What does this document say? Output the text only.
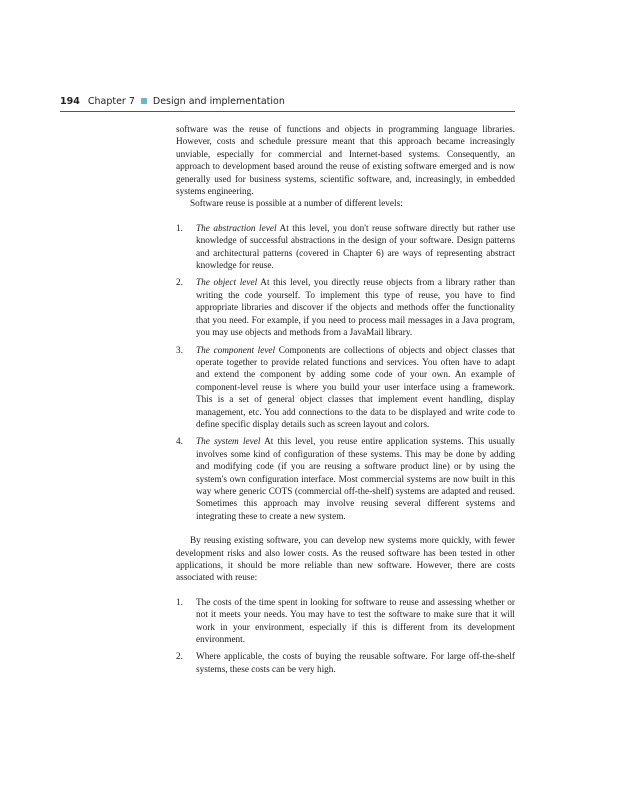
194 Chapter 7 Design and implementation

software was the reuse of functions and objects in programming language libraries. However, costs and schedule pressure meant that this approach became increasingly unviable, especially for commercial and Internet-based systems. Consequently, an approach to development based around the reuse of existing software emerged and is now generally used for business systems, scientific software, and, increasingly, in embedded systems engineering.

Software reuse is possible at a number of different levels:

1. The abstraction level At this level, you don't reuse software directly but rather use knowledge of successful abstractions in the design of your software. Design patterns and architectural patterns (covered in Chapter 6) are ways of representing abstract knowledge for reuse.
2. The object level At this level, you directly reuse objects from a library rather than writing the code yourself. To implement this type of reuse, you have to find appropriate libraries and discover if the objects and methods offer the functionality that you need. For example, if you need to process mail messages in a Java program, you may use objects and methods from a JavaMail library.
3. The component level Components are collections of objects and object classes that operate together to provide related functions and services. You often have to adapt and extend the component by adding some code of your own. An example of component-level reuse is where you build your user interface using a framework. This is a set of general object classes that implement event handling, display management, etc. You add connections to the data to be displayed and write code to define specific display details such as screen layout and colors.
4. The system level At this level, you reuse entire application systems. This usually involves some kind of configuration of these systems. This may be done by adding and modifying code (if you are reusing a software product line) or by using the system's own configuration interface. Most commercial systems are now built in this way where generic COTS (commercial off-the-shelf) systems are adapted and reused. Sometimes this approach may involve reusing several different systems and integrating these to create a new system.

By reusing existing software, you can develop new systems more quickly, with fewer development risks and also lower costs. As the reused software has been tested in other applications, it should be more reliable than new software. However, there are costs associated with reuse:

1. The costs of the time spent in looking for software to reuse and assessing whether or not it meets your needs. You may have to test the software to make sure that it will work in your environment, especially if this is different from its development environment.
2. Where applicable, the costs of buying the reusable software. For large off-the-shelf systems, these costs can be very high.
